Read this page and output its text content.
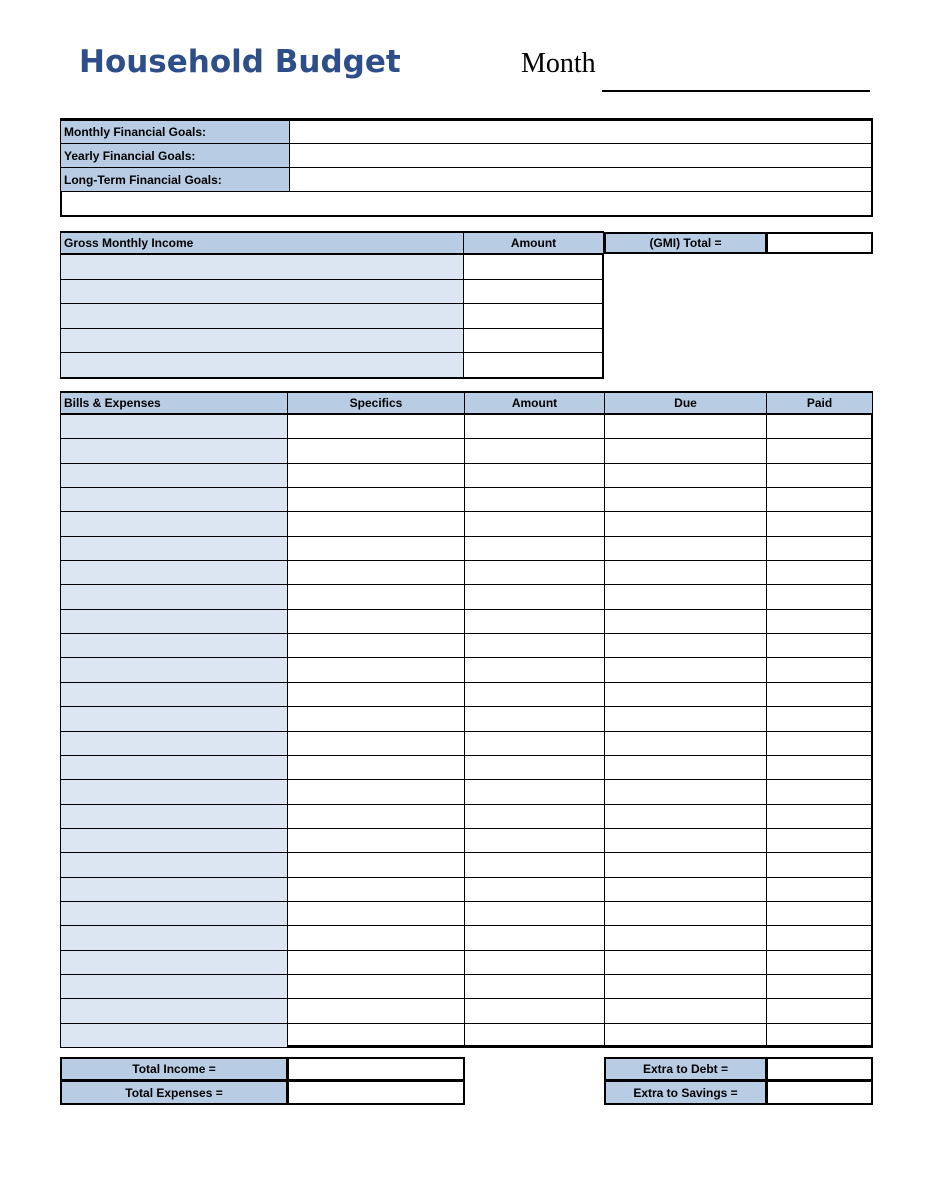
Household Budget	Month
Monthly Financial Goals:
Yearly Financial Goals:
Long-Term Financial Goals:
Gross Monthly Income	Amount	(GMI) Total =
Bills & Expenses	Specifics	Amount	Due	Paid
Total Income =
Total Expenses =
Extra to Debt =
Extra to Savings =
